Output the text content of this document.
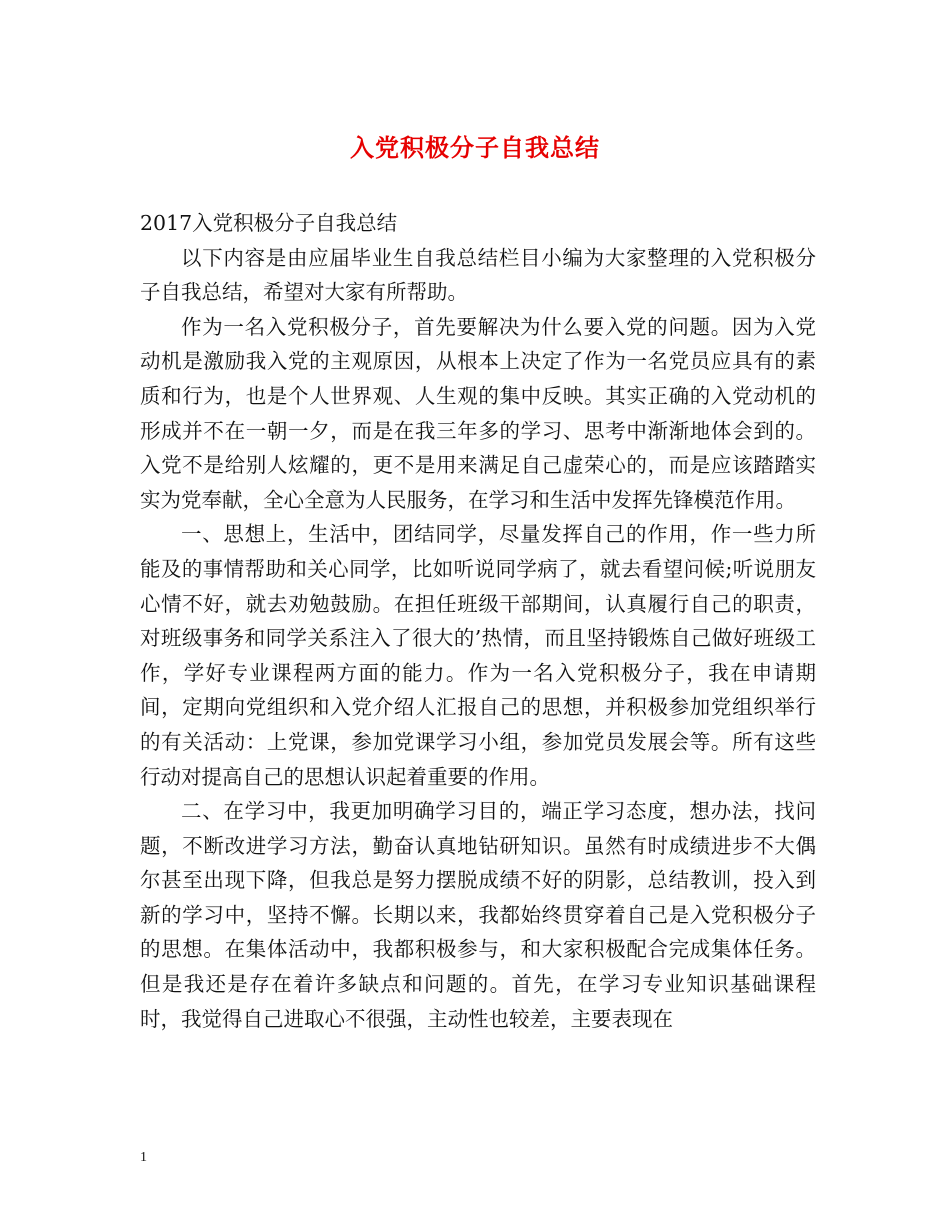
入党积极分子自我总结

2017入党积极分子自我总结

以下内容是由应届毕业生自我总结栏目小编为大家整理的入党积极分子自我总结，希望对大家有所帮助。

作为一名入党积极分子，首先要解决为什么要入党的问题。因为入党动机是激励我入党的主观原因，从根本上决定了作为一名党员应具有的素质和行为，也是个人世界观、人生观的集中反映。其实正确的入党动机的形成并不在一朝一夕，而是在我三年多的学习、思考中渐渐地体会到的。入党不是给别人炫耀的，更不是用来满足自己虚荣心的，而是应该踏踏实实为党奉献，全心全意为人民服务，在学习和生活中发挥先锋模范作用。

一、思想上，生活中，团结同学，尽量发挥自己的作用，作一些力所能及的事情帮助和关心同学，比如听说同学病了，就去看望问候;听说朋友心情不好，就去劝勉鼓励。在担任班级干部期间，认真履行自己的职责，对班级事务和同学关系注入了很大的’热情，而且坚持锻炼自己做好班级工作，学好专业课程两方面的能力。作为一名入党积极分子，我在申请期间，定期向党组织和入党介绍人汇报自己的思想，并积极参加党组织举行的有关活动：上党课，参加党课学习小组，参加党员发展会等。所有这些行动对提高自己的思想认识起着重要的作用。

二、在学习中，我更加明确学习目的，端正学习态度，想办法，找问题，不断改进学习方法，勤奋认真地钻研知识。虽然有时成绩进步不大偶尔甚至出现下降，但我总是努力摆脱成绩不好的阴影，总结教训，投入到新的学习中，坚持不懈。长期以来，我都始终贯穿着自己是入党积极分子的思想。在集体活动中，我都积极参与，和大家积极配合完成集体任务。但是我还是存在着许多缺点和问题的。首先，在学习专业知识基础课程时，我觉得自己进取心不很强，主动性也较差，主要表现在

1
